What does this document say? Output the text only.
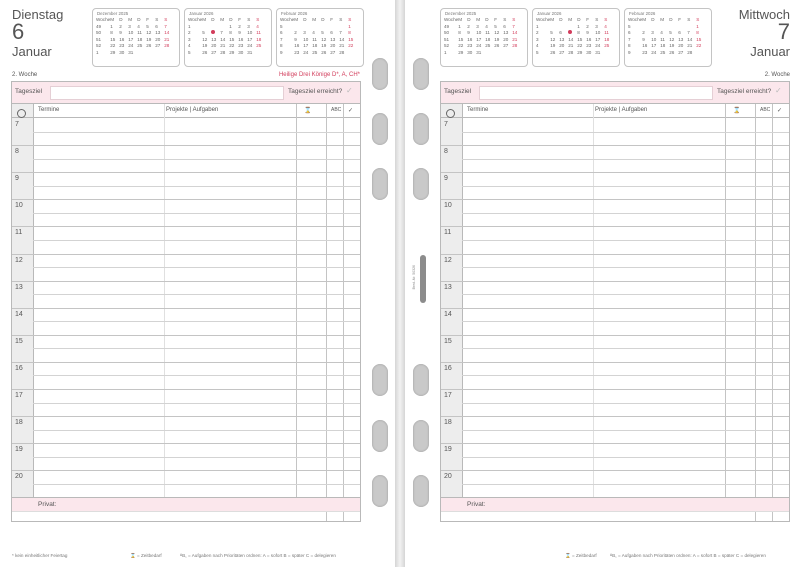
Dienstag
6
Januar
Dezember 2025
Woche	M	D	M	D	F	S	S
49	1	2	3	4	5	6	7
50	8	9	10	11	12	13	14
51	15	16	17	18	19	20	21
52	22	23	24	25	26	27	28
1	29	30	31				
Januar 2026
Woche	M	D	M	D	F	S	S
1				1	2	3	4
2	5		7	8	9	10	11
3	12	13	14	15	16	17	18
4	19	20	21	22	23	24	25
5	26	27	28	29	30	31	
Februar 2026
Woche	M	D	M	D	F	S	S
5							1
6	2	3	4	5	6	7	8
7	9	10	11	12	13	14	15
8	16	17	18	19	20	21	22
9	23	24	25	26	27	28	
2. Woche	Heilige Drei Könige D*, A, CH*
Tagesziel	Tagesziel erreicht? ✓
Termine	Projekte | Aufgaben	⌛	ABC ✓
7
8
9
10
11
12
13
14
15
16
17
18
19
20
Privat:
* kein einheitlicher Feiertag	⌛ = Zeitbedarf	ᴬB꜀ = Aufgaben nach Prioritäten ordnen: A = sofort B = später C = delegieren
Mittwoch
7
Januar
Dezember 2025
Woche	M	D	M	D	F	S	S
49	1	2	3	4	5	6	7
50	8	9	10	11	12	13	14
51	15	16	17	18	19	20	21
52	22	23	24	25	26	27	28
1	29	30	31				
Januar 2026
Woche	M	D	M	D	F	S	S
1				1	2	3	4
2	5	6		8	9	10	11
3	12	13	14	15	16	17	18
4	19	20	21	22	23	24	25
5	26	27	28	29	30	31	
Februar 2026
Woche	M	D	M	D	F	S	S
5							1
6	2	3	4	5	6	7	8
7	9	10	11	12	13	14	15
8	16	17	18	19	20	21	22
9	23	24	25	26	27	28	
2. Woche
Tagesziel	Tagesziel erreicht? ✓
Termine	Projekte | Aufgaben	⌛	ABC ✓
7
8
9
10
11
12
13
14
15
16
17
18
19
20
Privat:
⌛ = Zeitbedarf	ᴬB꜀ = Aufgaben nach Prioritäten ordnen: A = sofort B = später C = delegieren
Best.-Nr. 50326
